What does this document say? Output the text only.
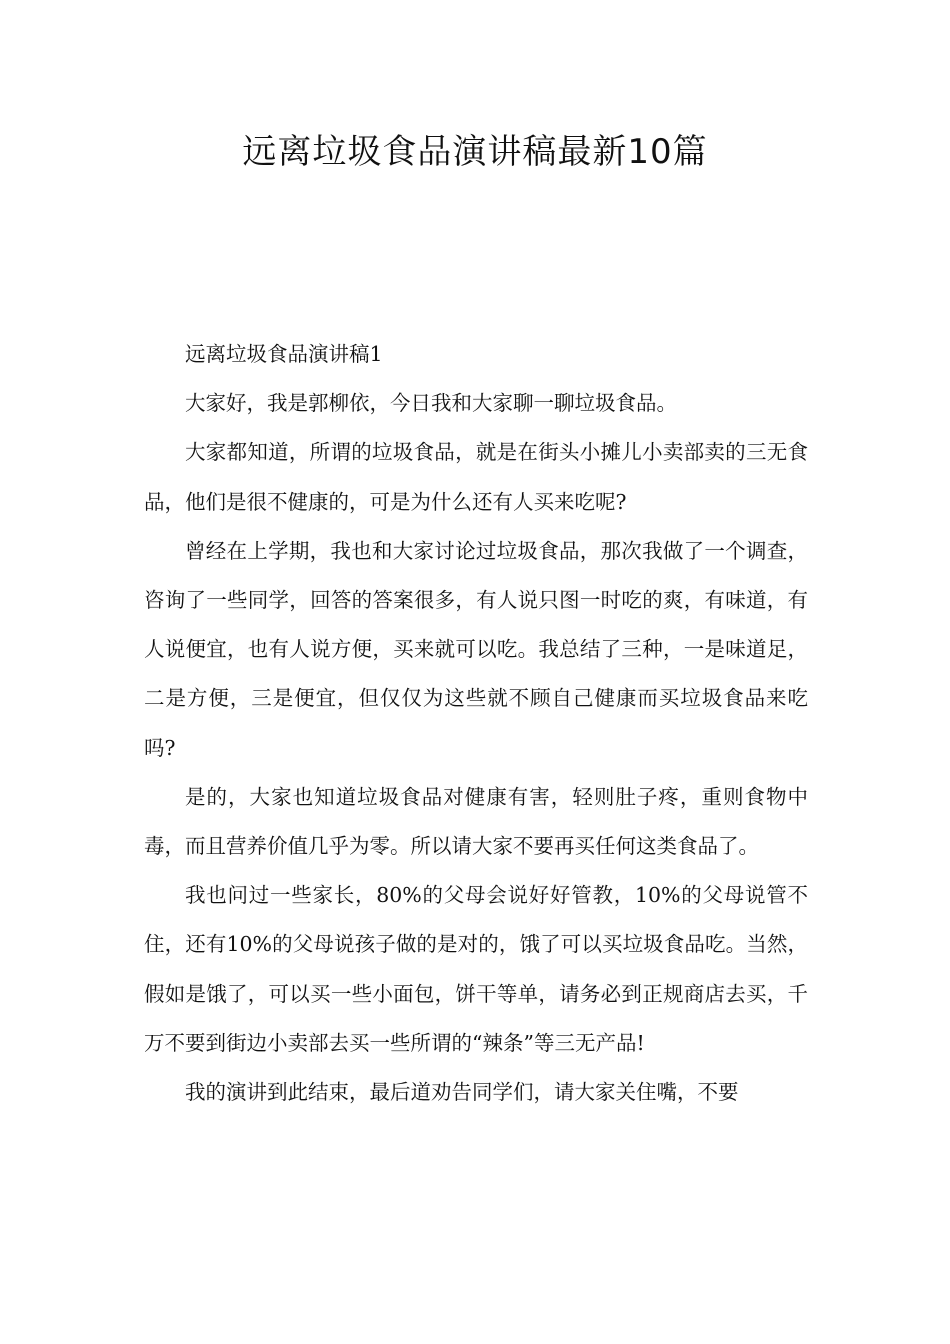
远离垃圾食品演讲稿最新10篇

远离垃圾食品演讲稿1

大家好，我是郭柳依，今日我和大家聊一聊垃圾食品。

大家都知道，所谓的垃圾食品，就是在街头小摊儿小卖部卖的三无食品，他们是很不健康的，可是为什么还有人买来吃呢?

曾经在上学期，我也和大家讨论过垃圾食品，那次我做了一个调查，咨询了一些同学，回答的答案很多，有人说只图一时吃的爽，有味道，有人说便宜，也有人说方便，买来就可以吃。我总结了三种，一是味道足，二是方便，三是便宜，但仅仅为这些就不顾自己健康而买垃圾食品来吃吗?

是的，大家也知道垃圾食品对健康有害，轻则肚子疼，重则食物中毒，而且营养价值几乎为零。所以请大家不要再买任何这类食品了。

我也问过一些家长，80%的父母会说好好管教，10%的父母说管不住，还有10%的父母说孩子做的是对的，饿了可以买垃圾食品吃。当然，假如是饿了，可以买一些小面包，饼干等单，请务必到正规商店去买，千万不要到街边小卖部去买一些所谓的“辣条”等三无产品!

我的演讲到此结束，最后道劝告同学们，请大家关住嘴，不要
